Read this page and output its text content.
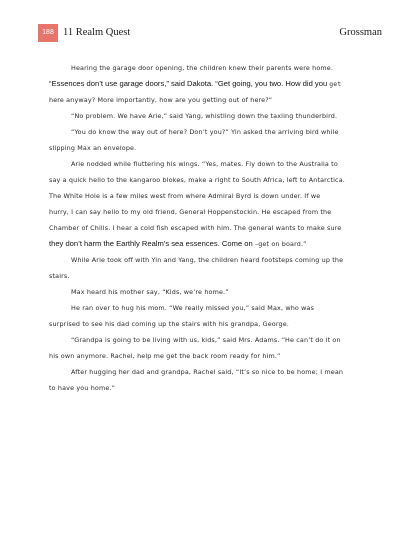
188 11 Realm Quest	Grossman

Hearing the garage door opening, the children knew their parents were home.

“Essences don’t use garage doors,” said Dakota. “Get going, you two. How did you get

here anyway? More importantly, how are you getting out of here?”

“No problem. We have Arie,” said Yang, whistling down the taxiing thunderbird.

“You do know the way out of here? Don’t you?” Yin asked the arriving bird while

slipping Max an envelope.

Arie nodded while fluttering his wings. “Yes, mates. Fly down to the Australia to

say a quick hello to the kangaroo blokes, make a right to South Africa, left to Antarctica.

The White Hole is a few miles west from where Admiral Byrd is down under. If we

hurry, I can say hello to my old friend, General Hoppenstockin. He escaped from the

Chamber of Chills. I hear a cold fish escaped with him. The general wants to make sure

they don’t harm the Earthly Realm’s sea essences. Come on –get on board.”

While Arie took off with Yin and Yang, the children heard footsteps coming up the

stairs.

Max heard his mother say, “Kids, we’re home.”

He ran over to hug his mom. “We really missed you,” said Max, who was

surprised to see his dad coming up the stairs with his grandpa, George.

“Grandpa is going to be living with us, kids,” said Mrs. Adams. “He can’t do it on

his own anymore. Rachel, help me get the back room ready for him.”

After hugging her dad and grandpa, Rachel said, “It’s so nice to be home; I mean

to have you home.”
